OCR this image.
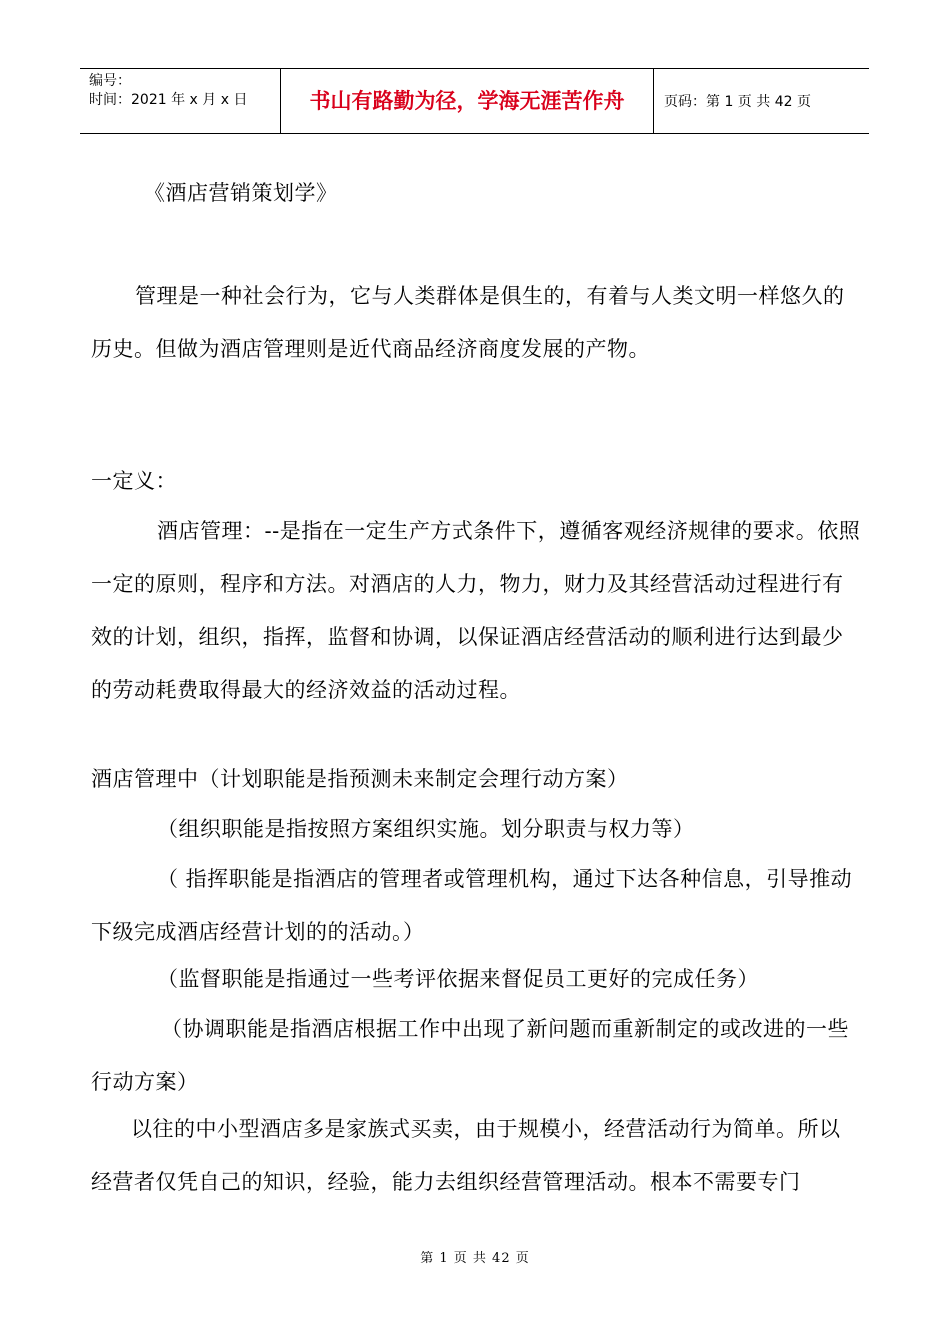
编号：
时间：2021 年 x 月 x 日	书山有路勤为径，学海无涯苦作舟	页码：第 1 页 共 42 页

《酒店营销策划学》

管理是一种社会行为，它与人类群体是俱生的，有着与人类文明一样悠久的历史。但做为酒店管理则是近代商品经济商度发展的产物。

一定义：

酒店管理：--是指在一定生产方式条件下，遵循客观经济规律的要求。依照一定的原则，程序和方法。对酒店的人力，物力，财力及其经营活动过程进行有效的计划，组织，指挥，监督和协调，以保证酒店经营活动的顺利进行达到最少的劳动耗费取得最大的经济效益的活动过程。

酒店管理中（计划职能是指预测未来制定会理行动方案）

（组织职能是指按照方案组织实施。划分职责与权力等）

（ 指挥职能是指酒店的管理者或管理机构，通过下达各种信息，引导推动下级完成酒店经营计划的的活动。）

（监督职能是指通过一些考评依据来督促员工更好的完成任务）

（协调职能是指酒店根据工作中出现了新问题而重新制定的或改进的一些行动方案）

以往的中小型酒店多是家族式买卖，由于规模小，经营活动行为简单。所以经营者仅凭自己的知识，经验，能力去组织经营管理活动。根本不需要专门

第 1 页 共 42 页
